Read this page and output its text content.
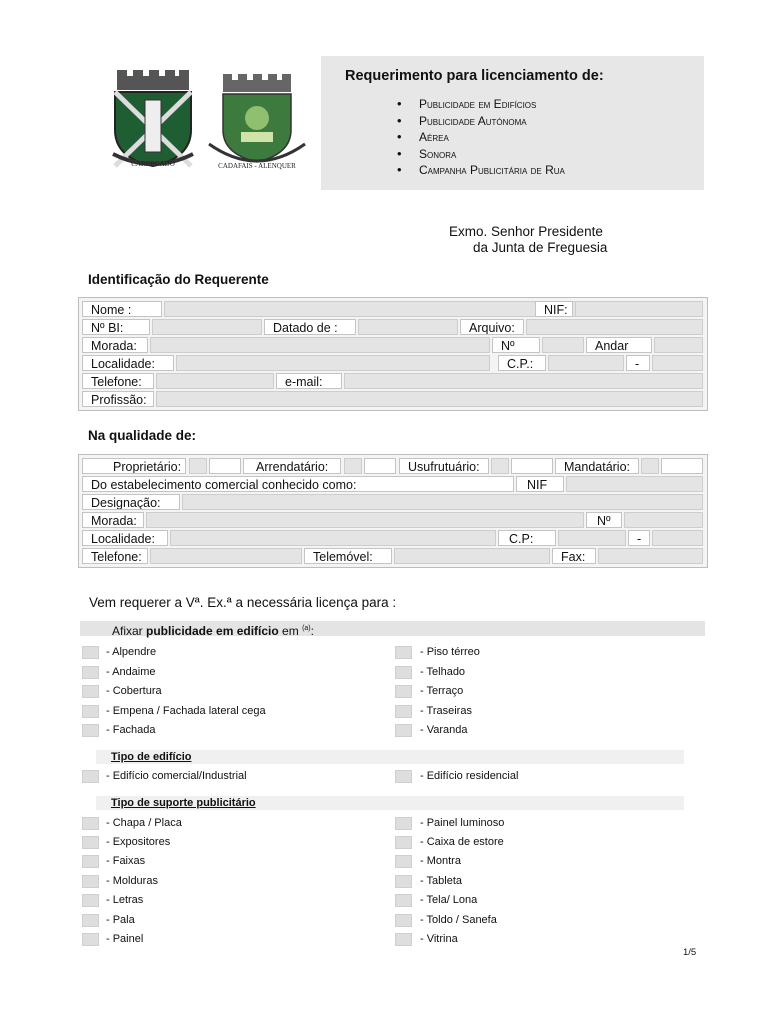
CARREGADO	CADAFAIS - ALENQUER
Requerimento para licenciamento de:
• Publicidade em Edifícios
• Publicidade Autónoma
• Aérea
• Sonora
• Campanha Publicitária de Rua
Exmo. Senhor Presidente
da Junta de Freguesia
Identificação do Requerente
Nome :	NIF:
Nº BI:	Datado de :	Arquivo:
Morada:	Nº	Andar
Localidade:	C.P.:	-
Telefone:	e-mail:
Profissão:
Na qualidade de:
Proprietário:	Arrendatário:	Usufrutuário:	Mandatário:
Do estabelecimento comercial conhecido como:	NIF
Designação:
Morada:	Nº
Localidade:	C.P:	-
Telefone:	Telemóvel:	Fax:
Vem requerer a Vª. Ex.ª a necessária licença para :
Afixar publicidade em edifício em $^{(a)}$:
- Alpendre
- Andaime
- Cobertura
- Empena / Fachada lateral cega
- Fachada
- Piso térreo
- Telhado
- Terraço
- Traseiras
- Varanda
Tipo de edifício
- Edifício comercial/Industrial	- Edifício residencial
Tipo de suporte publicitário
- Chapa / Placa
- Expositores
- Faixas
- Molduras
- Letras
- Pala
- Painel
- Painel luminoso
- Caixa de estore
- Montra
- Tableta
- Tela/ Lona
- Toldo / Sanefa
- Vitrina
1/5
